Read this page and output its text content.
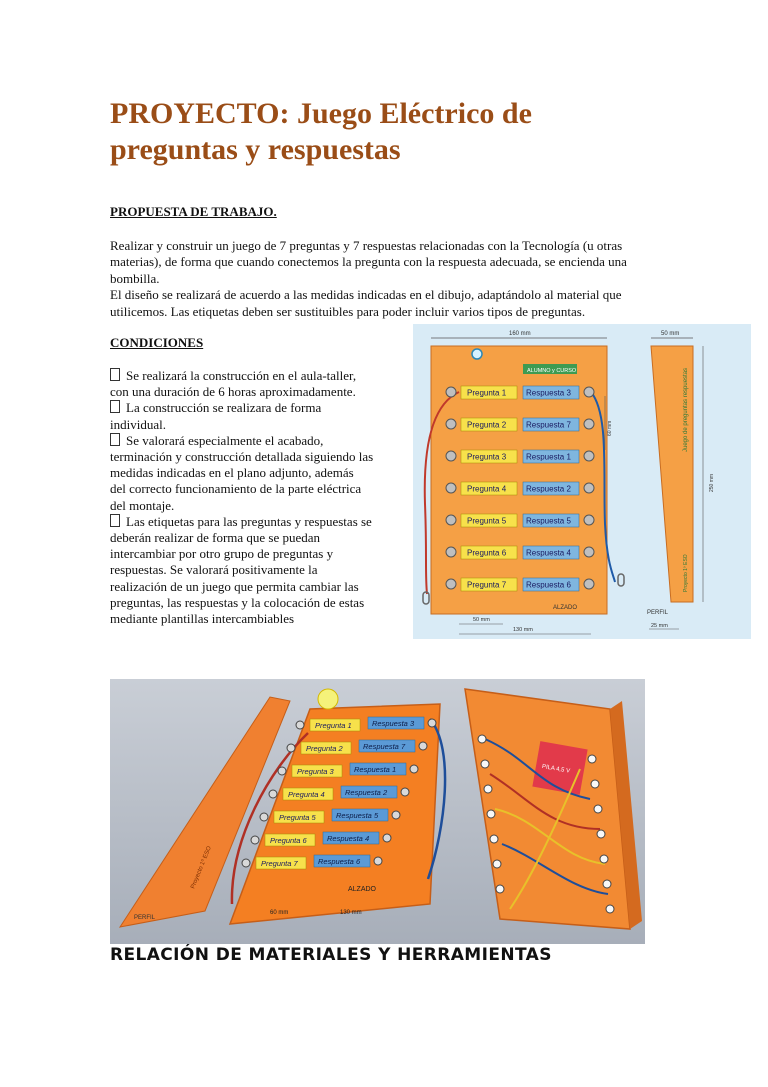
PROYECTO: Juego Eléctrico de
preguntas y respuestas
PROPUESTA DE TRABAJO.
Realizar y construir un juego de 7 preguntas y 7 respuestas relacionadas con la Tecnología (u otras
materias), de forma que cuando conectemos la pregunta con la respuesta adecuada, se encienda una
bombilla.
El diseño se realizará de acuerdo a las medidas indicadas en el dibujo, adaptándolo al material que
utilicemos. Las etiquetas deben ser sustituibles para poder incluir varios tipos de preguntas.
CONDICIONES
Se realizará la construcción en el aula-taller,
con una duración de 6 horas aproximadamente.
La construcción se realizara de forma
individual.
Se valorará especialmente el acabado,
terminación y construcción detallada siguiendo las
medidas indicadas en el plano adjunto, además
del correcto funcionamiento de la parte eléctrica
del montaje.
Las etiquetas para las preguntas y respuestas se
deberán realizar de forma que se puedan
intercambiar por otro grupo de preguntas y
respuestas. Se valorará positivamente la
realización de un juego que permita cambiar las
preguntas, las respuestas y la colocación de estas
mediante plantillas intercambiables
160 mm	50 mm
ALUMNO y CURSO
Pregunta 1 Respuesta 3
Pregunta 2 Respuesta 7
Pregunta 3 Respuesta 1
Pregunta 4 Respuesta 2
Pregunta 5 Respuesta 5
Pregunta 6 Respuesta 4
Pregunta 7 Respuesta 6
60 mm
ALZADO
50 mm
130 mm
Juego de preguntas respuestas
Proyecto 1º ESO
250 mm
PERFIL
25 mm
Proyecto 1º ESO
PERFIL
Pregunta 1	Respuesta 3
Pregunta 2	Respuesta 7
Pregunta 3	Respuesta 1
Pregunta 4	Respuesta 2
Pregunta 5	Respuesta 5
Pregunta 6	Respuesta 4
Pregunta 7	Respuesta 6
ALZADO
60 mm	130 mm
PILA 4,5 V
RELACIÓN DE MATERIALES Y HERRAMIENTAS
